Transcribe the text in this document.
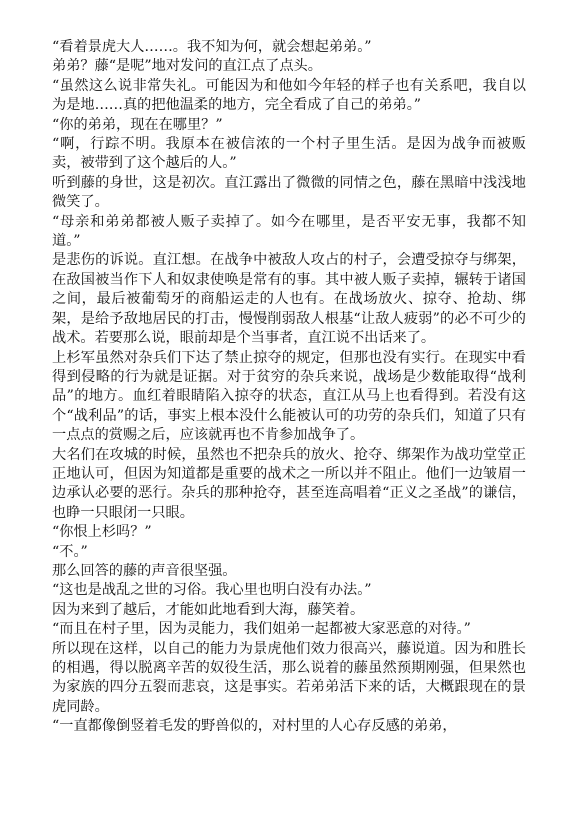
“看着景虎大人……。我不知为何，就会想起弟弟。”

弟弟？藤“是呢”地对发问的直江点了点头。

“虽然这么说非常失礼。可能因为和他如今年轻的样子也有关系吧，我自以为是地……真的把他温柔的地方，完全看成了自己的弟弟。”

“你的弟弟，现在在哪里？”

“啊，行踪不明。我原本在被信浓的一个村子里生活。是因为战争而被贩卖，被带到了这个越后的人。”

听到藤的身世，这是初次。直江露出了微微的同情之色，藤在黑暗中浅浅地微笑了。

“母亲和弟弟都被人贩子卖掉了。如今在哪里，是否平安无事，我都不知道。”

是悲伤的诉说。直江想。在战争中被敌人攻占的村子，会遭受掠夺与绑架，在敌国被当作下人和奴隶使唤是常有的事。其中被人贩子卖掉，辗转于诸国之间，最后被葡萄牙的商船运走的人也有。在战场放火、掠夺、抢劫、绑架，是给予敌地居民的打击，慢慢削弱敌人根基“让敌人疲弱”的必不可少的战术。若要那么说，眼前却是个当事者，直江说不出话来了。

上杉军虽然对杂兵们下达了禁止掠夺的规定，但那也没有实行。在现实中看得到侵略的行为就是证据。对于贫穷的杂兵来说，战场是少数能取得“战利品”的地方。血红着眼睛陷入掠夺的状态，直江从马上也看得到。若没有这个“战利品”的话，事实上根本没什么能被认可的功劳的杂兵们，知道了只有一点点的赏赐之后，应该就再也不肯参加战争了。

大名们在攻城的时候，虽然也不把杂兵的放火、抢夺、绑架作为战功堂堂正正地认可，但因为知道都是重要的战术之一所以并不阻止。他们一边皱眉一边承认必要的恶行。杂兵的那种抢夺，甚至连高唱着“正义之圣战”的谦信，也睁一只眼闭一只眼。

“你恨上杉吗？”

“不。”

那么回答的藤的声音很坚强。

“这也是战乱之世的习俗。我心里也明白没有办法。”

因为来到了越后，才能如此地看到大海，藤笑着。

“而且在村子里，因为灵能力，我们姐弟一起都被大家恶意的对待。”

所以现在这样，以自己的能力为景虎他们效力很高兴，藤说道。因为和胜长的相遇，得以脱离辛苦的奴役生活，那么说着的藤虽然预期刚强，但果然也为家族的四分五裂而悲哀，这是事实。若弟弟活下来的话，大概跟现在的景虎同龄。

“一直都像倒竖着毛发的野兽似的，对村里的人心存反感的弟弟，
